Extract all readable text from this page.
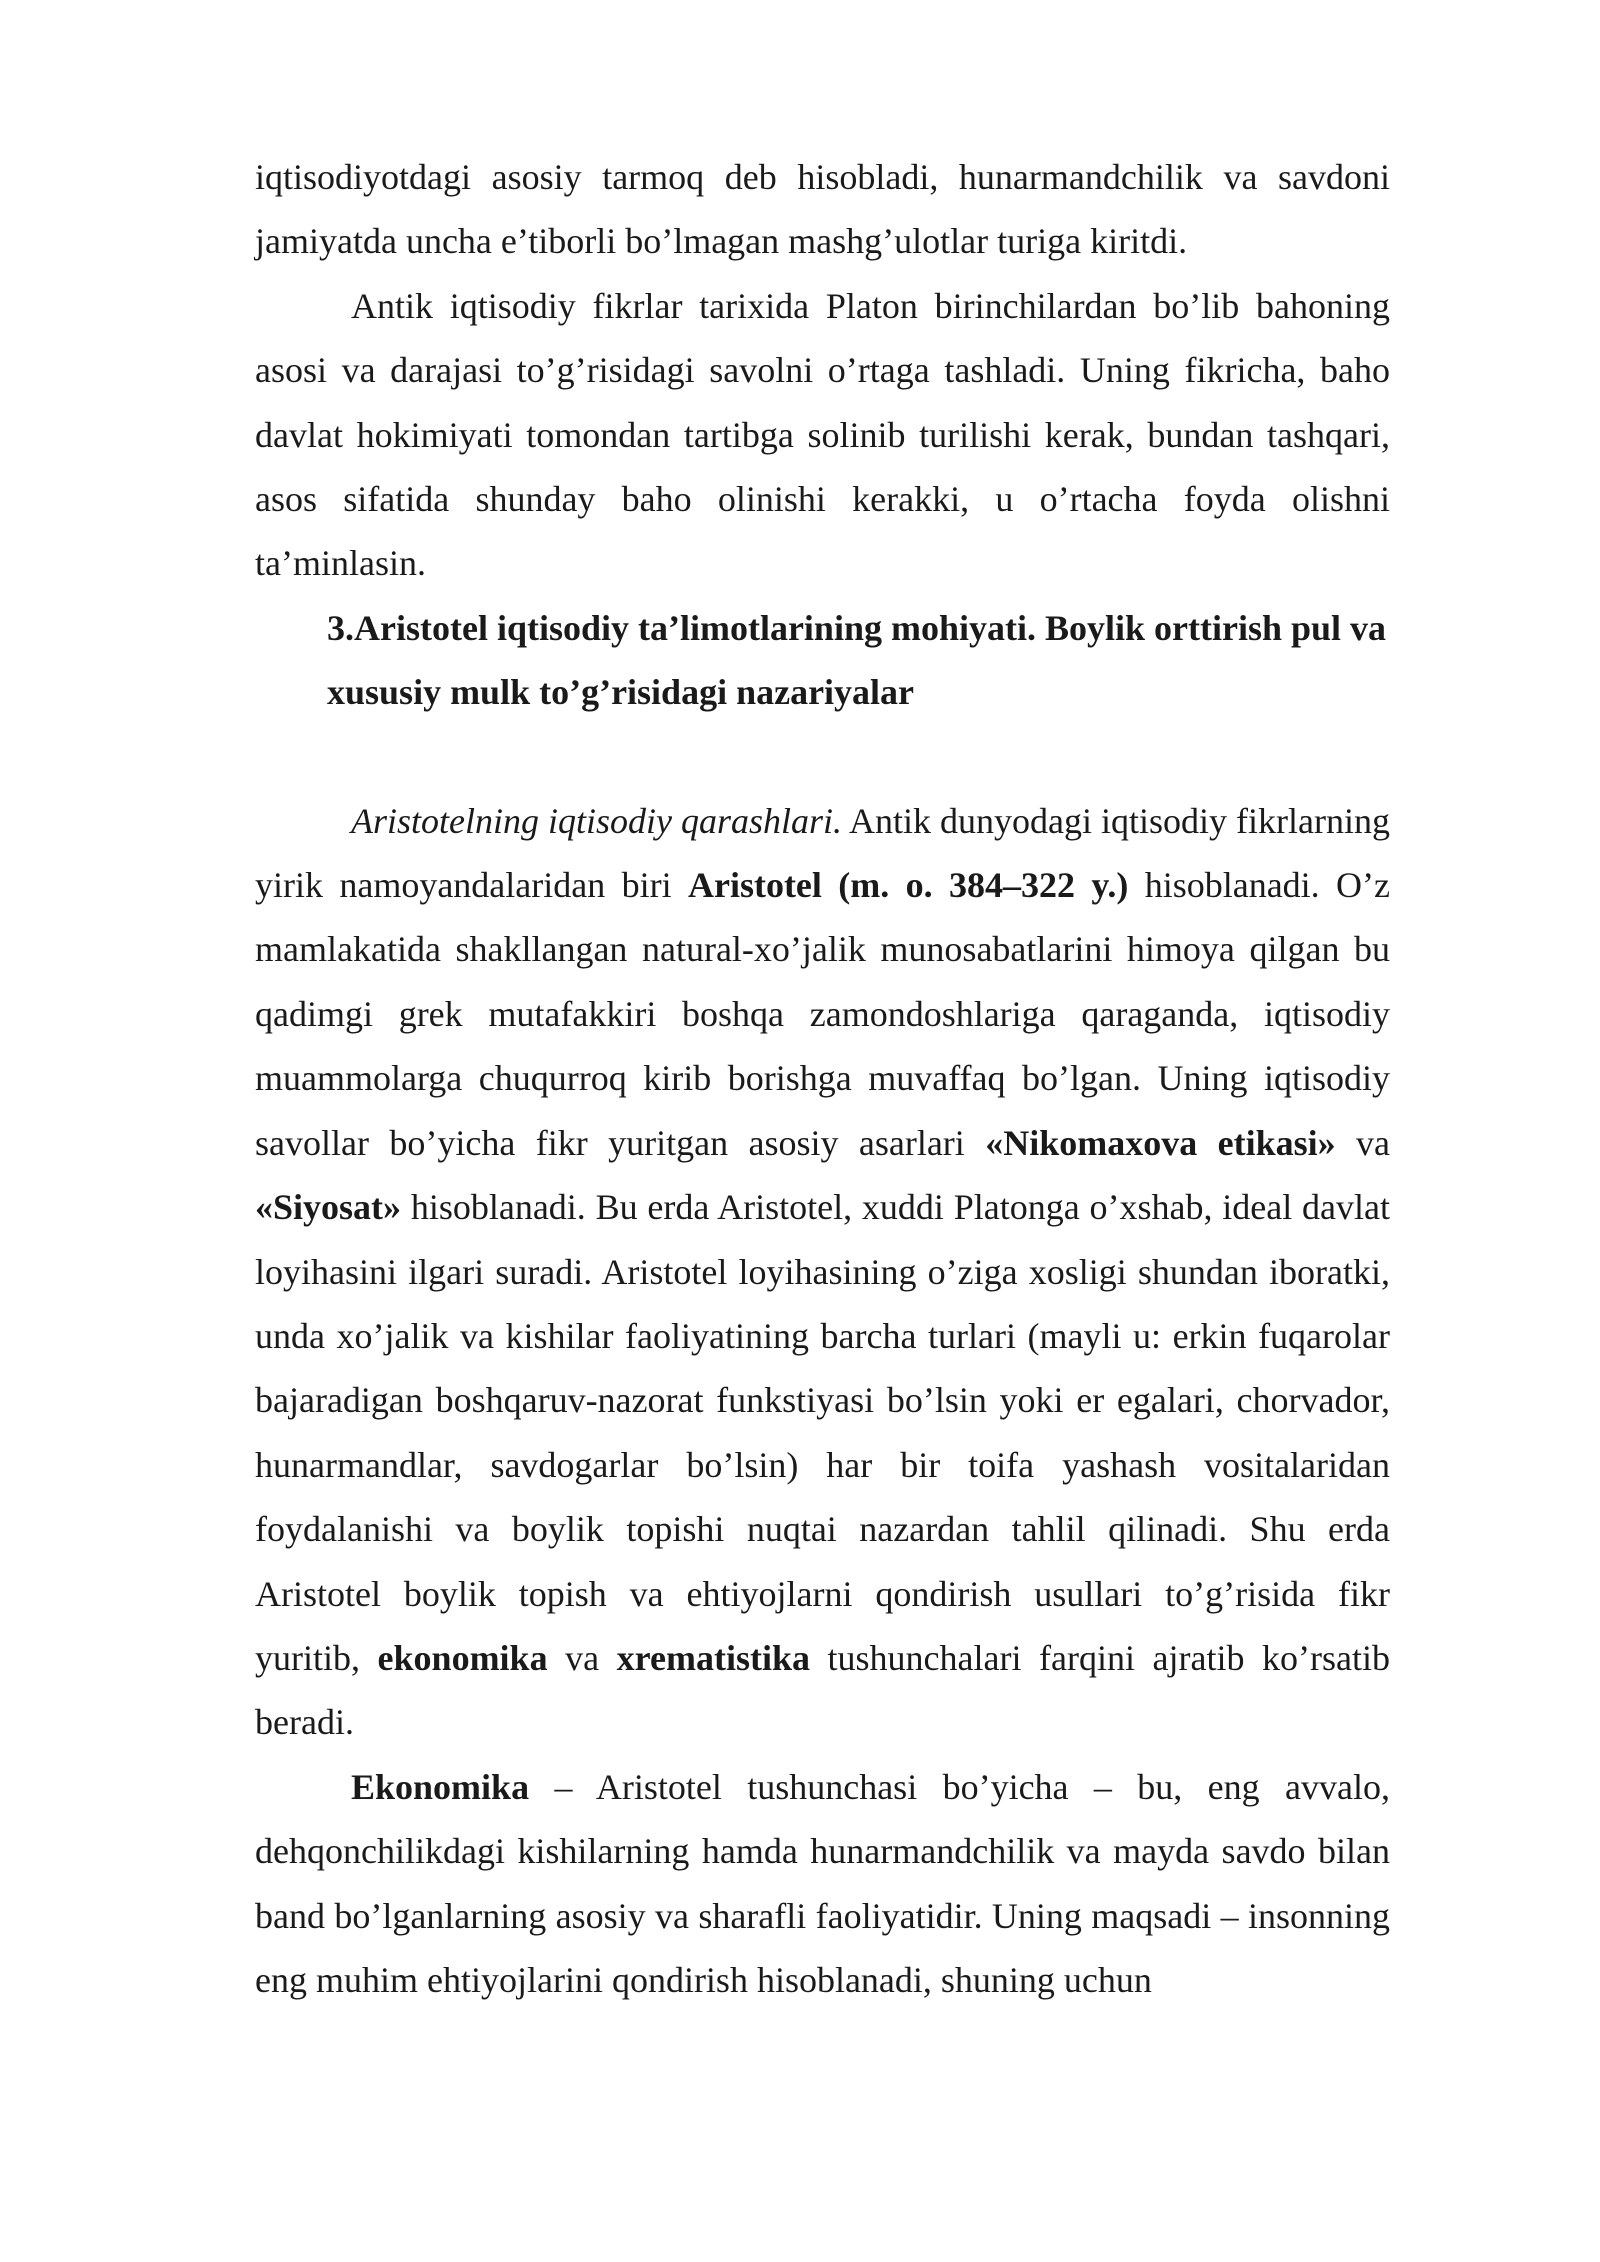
iqtisodiyotdagi asosiy tarmoq deb hisobladi, hunarmandchilik va savdoni jamiyatda uncha e’tiborli bo’lmagan mashg’ulotlar turiga kiritdi.

Antik iqtisodiy fikrlar tarixida Platon birinchilardan bo’lib bahoning asosi va darajasi to’g’risidagi savolni o’rtaga tashladi. Uning fikricha, baho davlat hokimiyati tomondan tartibga solinib turilishi kerak, bundan tashqari, asos sifatida shunday baho olinishi kerakki, u o’rtacha foyda olishni ta’minlasin.

3.Aristotel iqtisodiy ta’limotlarining mohiyati. Boylik orttirish pul va xususiy mulk to’g’risidagi nazariyalar

Aristotelning iqtisodiy qarashlari. Antik dunyodagi iqtisodiy fikrlarning yirik namoyandalaridan biri Aristotel (m. o. 384–322 y.) hisoblanadi. O’z mamlakatida shakllangan natural-xo’jalik munosabatlarini himoya qilgan bu qadimgi grek mutafakkiri boshqa zamondoshlariga qaraganda, iqtisodiy muammolarga chuqurroq kirib borishga muvaffaq bo’lgan. Uning iqtisodiy savollar bo’yicha fikr yuritgan asosiy asarlari «Nikomaxova etikasi» va «Siyosat» hisoblanadi. Bu erda Aristotel, xuddi Platonga o’xshab, ideal davlat loyihasini ilgari suradi. Aristotel loyihasining o’ziga xosligi shundan iboratki, unda xo’jalik va kishilar faoliyatining barcha turlari (mayli u: erkin fuqarolar bajaradigan boshqaruv-nazorat funkstiyasi bo’lsin yoki er egalari, chorvador, hunarmandlar, savdogarlar bo’lsin) har bir toifa yashash vositalaridan foydalanishi va boylik topishi nuqtai nazardan tahlil qilinadi. Shu erda Aristotel boylik topish va ehtiyojlarni qondirish usullari to’g’risida fikr yuritib, ekonomika va xrematistika tushunchalari farqini ajratib ko’rsatib beradi.

Ekonomika – Aristotel tushunchasi bo’yicha – bu, eng avvalo, dehqonchilikdagi kishilarning hamda hunarmandchilik va mayda savdo bilan band bo’lganlarning asosiy va sharafli faoliyatidir. Uning maqsadi – insonning eng muhim ehtiyojlarini qondirish hisoblanadi, shuning uchun
